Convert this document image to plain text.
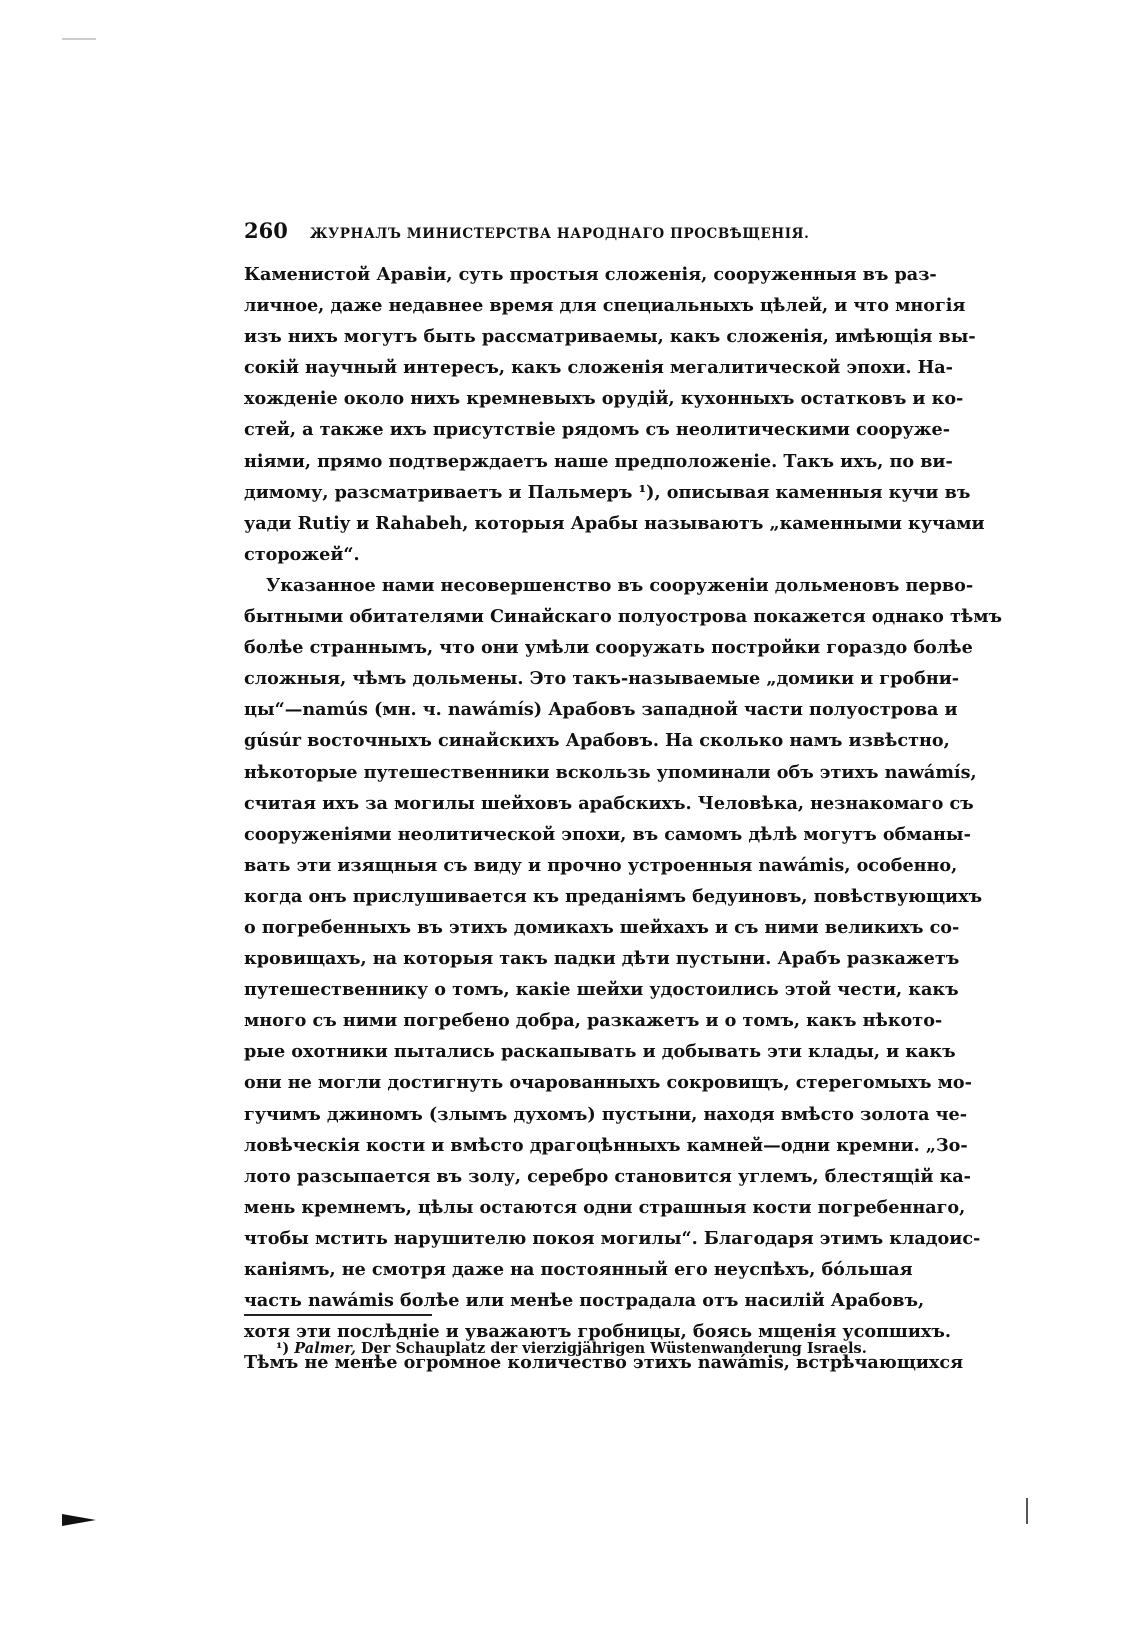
260 ЖУРНАЛЪ МИНИСТЕРСТВА НАРОДНАГО ПРОСВѢЩЕНІЯ.
Каменистой Аравіи, суть простыя сложенія, сооруженныя въ раз-
личное, даже недавнее время для специальныхъ цѣлей, и что многія
изъ нихъ могутъ быть рассматриваемы, какъ сложенія, имѣющія вы-
сокій научный интересъ, какъ сложенія мегалитической эпохи. На-
хожденіе около нихъ кремневыхъ орудій, кухонныхъ остатковъ и ко-
стей, а также ихъ присутствіе рядомъ съ неолитическими сооруже-
ніями, прямо подтверждаетъ наше предположеніе. Такъ ихъ, по ви-
димому, разсматриваетъ и Пальмеръ ¹), описывая каменныя кучи въ
уади Rutiy и Rahabeh, которыя Арабы называютъ „каменными кучами
сторожей“.
Указанное нами несовершенство въ сооруженіи дольменовъ перво-
бытными обитателями Синайскаго полуострова покажется однако тѣмъ
болѣе страннымъ, что они умѣли сооружать постройки гораздо болѣе
сложныя, чѣмъ дольмены. Это такъ-называемые „домики и гробни-
цы“—namús (мн. ч. nawámís) Арабовъ западной части полуострова и
gúsúr восточныхъ синайскихъ Арабовъ. На сколько намъ извѣстно,
нѣкоторые путешественники вскользь упоминали объ этихъ nawámís,
считая ихъ за могилы шейховъ арабскихъ. Человѣка, незнакомаго съ
сооруженіями неолитической эпохи, въ самомъ дѣлѣ могутъ обманы-
вать эти изящныя съ виду и прочно устроенныя nawámis, особенно,
когда онъ прислушивается къ преданіямъ бедуиновъ, повѣствующихъ
о погребенныхъ въ этихъ домикахъ шейхахъ и съ ними великихъ со-
кровищахъ, на которыя такъ падки дѣти пустыни. Арабъ разкажетъ
путешественнику о томъ, какіе шейхи удостоились этой чести, какъ
много съ ними погребено добра, разкажетъ и о томъ, какъ нѣкото-
рые охотники пытались раскапывать и добывать эти клады, и какъ
они не могли достигнуть очарованныхъ сокровищъ, стерегомыхъ мо-
гучимъ джиномъ (злымъ духомъ) пустыни, находя вмѣсто золота че-
ловѣческія кости и вмѣсто драгоцѣнныхъ камней—одни кремни. „Зо-
лото разсыпается въ золу, серебро становится углемъ, блестящій ка-
мень кремнемъ, цѣлы остаются одни страшныя кости погребеннаго,
чтобы мстить нарушителю покоя могилы“. Благодаря этимъ кладоис-
каніямъ, не смотря даже на постоянный его неуспѣхъ, бо́льшая
часть nawámis болѣе или менѣе пострадала отъ насилій Арабовъ,
хотя эти послѣдніе и уважаютъ гробницы, боясь мщенія усопшихъ.
Тѣмъ не менѣе огромное количество этихъ nawámis, встрѣчающихся
¹) Palmer, Der Schauplatz der vierzigjährigen Wüstenwanderung Israels.
